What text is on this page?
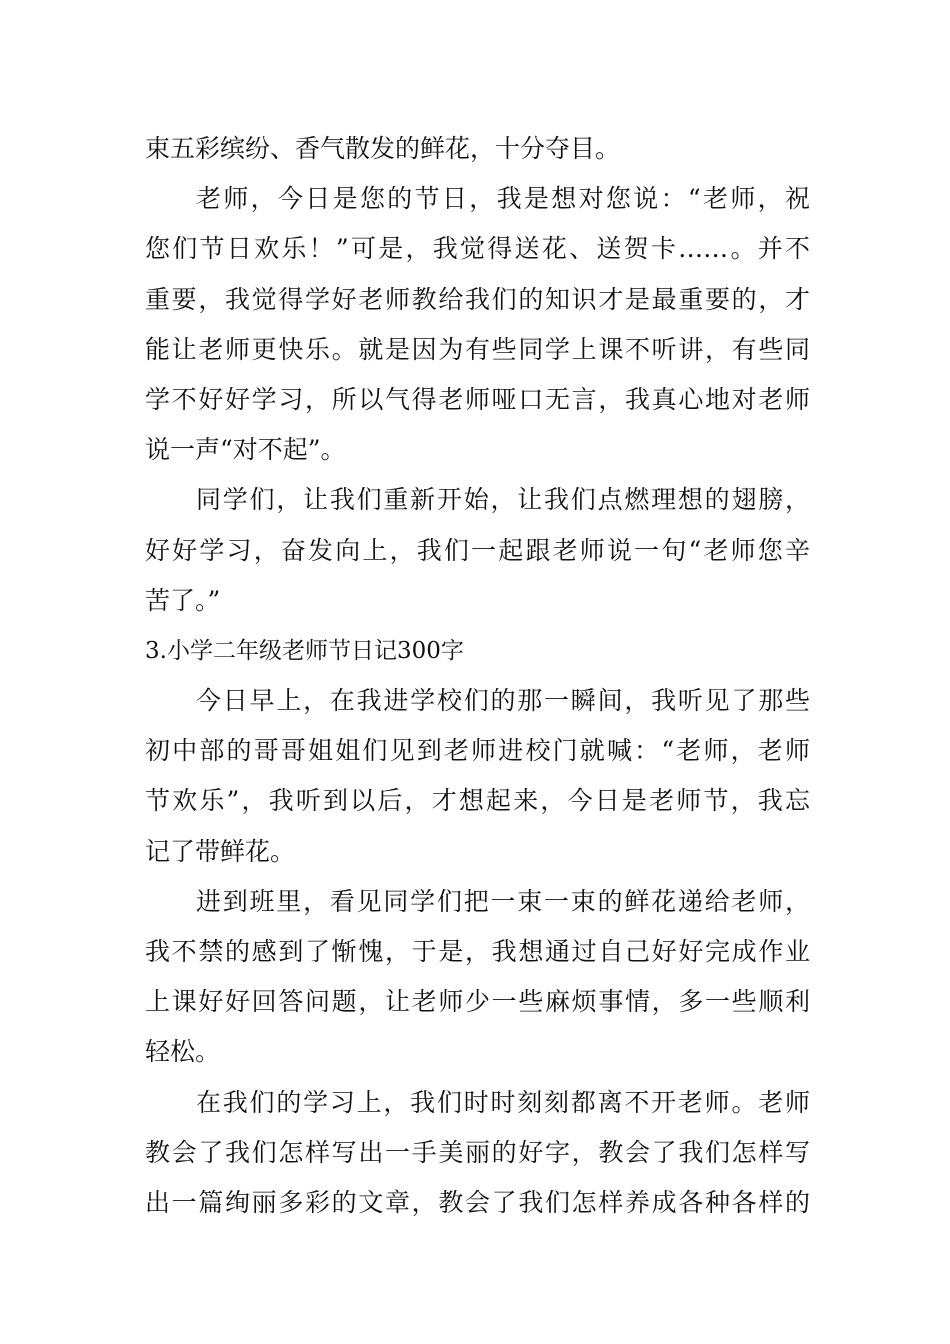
束五彩缤纷、香气散发的鲜花，十分夺目。
老师，今日是您的节日，我是想对您说：“老师，祝
您们节日欢乐！”可是，我觉得送花、送贺卡……。并不
重要，我觉得学好老师教给我们的知识才是最重要的，才
能让老师更快乐。就是因为有些同学上课不听讲，有些同
学不好好学习，所以气得老师哑口无言，我真心地对老师
说一声“对不起”。
同学们，让我们重新开始，让我们点燃理想的翅膀，
好好学习，奋发向上，我们一起跟老师说一句“老师您辛
苦了。”
3.小学二年级老师节日记300字
今日早上，在我进学校们的那一瞬间，我听见了那些
初中部的哥哥姐姐们见到老师进校门就喊：“老师，老师
节欢乐”，我听到以后，才想起来，今日是老师节，我忘
记了带鲜花。
进到班里，看见同学们把一束一束的鲜花递给老师，
我不禁的感到了惭愧，于是，我想通过自己好好完成作业
上课好好回答问题，让老师少一些麻烦事情，多一些顺利
轻松。
在我们的学习上，我们时时刻刻都离不开老师。老师
教会了我们怎样写出一手美丽的好字，教会了我们怎样写
出一篇绚丽多彩的文章，教会了我们怎样养成各种各样的
